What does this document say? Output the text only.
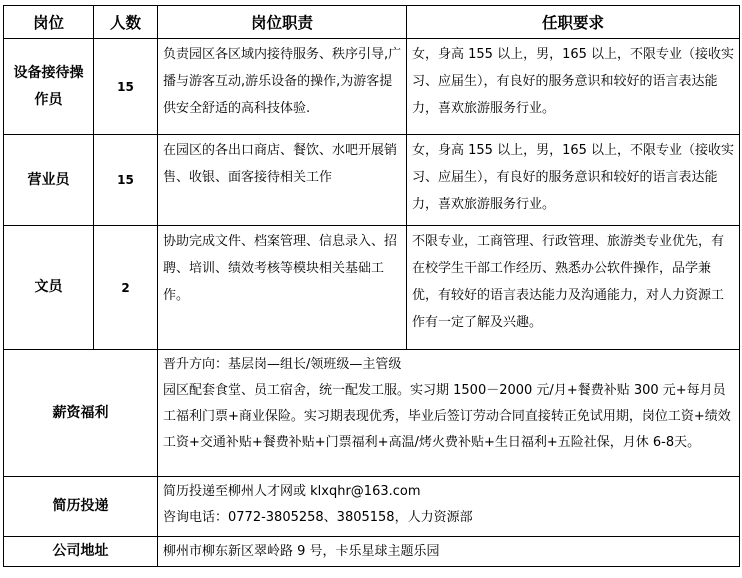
岗位	人数	岗位职责	任职要求
设备接待操作员	15	负责园区各区域内接待服务、秩序引导,广播与游客互动,游乐设备的操作,为游客提供安全舒适的高科技体验.	女，身高 155 以上，男，165 以上，不限专业（接收实习、应届生），有良好的服务意识和较好的语言表达能力，喜欢旅游服务行业。
营业员	15	在园区的各出口商店、餐饮、水吧开展销售、收银、面客接待相关工作	女，身高 155 以上，男，165 以上，不限专业（接收实习、应届生），有良好的服务意识和较好的语言表达能力，喜欢旅游服务行业。
文员	2	协助完成文件、档案管理、信息录入、招聘、培训、绩效考核等模块相关基础工作。	不限专业，工商管理、行政管理、旅游类专业优先，有在校学生干部工作经历、熟悉办公软件操作，品学兼优，有较好的语言表达能力及沟通能力，对人力资源工作有一定了解及兴趣。
薪资福利		晋升方向：基层岗—组长/领班级—主管级
园区配套食堂、员工宿舍，统一配发工服。实习期 1500－2000 元/月+餐费补贴 300 元+每月员工福利门票+商业保险。实习期表现优秀，毕业后签订劳动合同直接转正免试用期，岗位工资+绩效工资+交通补贴+餐费补贴+门票福利+高温/烤火费补贴+生日福利+五险社保，月休 6-8天。	

简历投递		简历投递至柳州人才网或 klxqhr@163.com
咨询电话：0772-3805258、3805158，人力资源部	

公司地址		柳州市柳东新区翠岭路 9 号，卡乐星球主题乐园	
